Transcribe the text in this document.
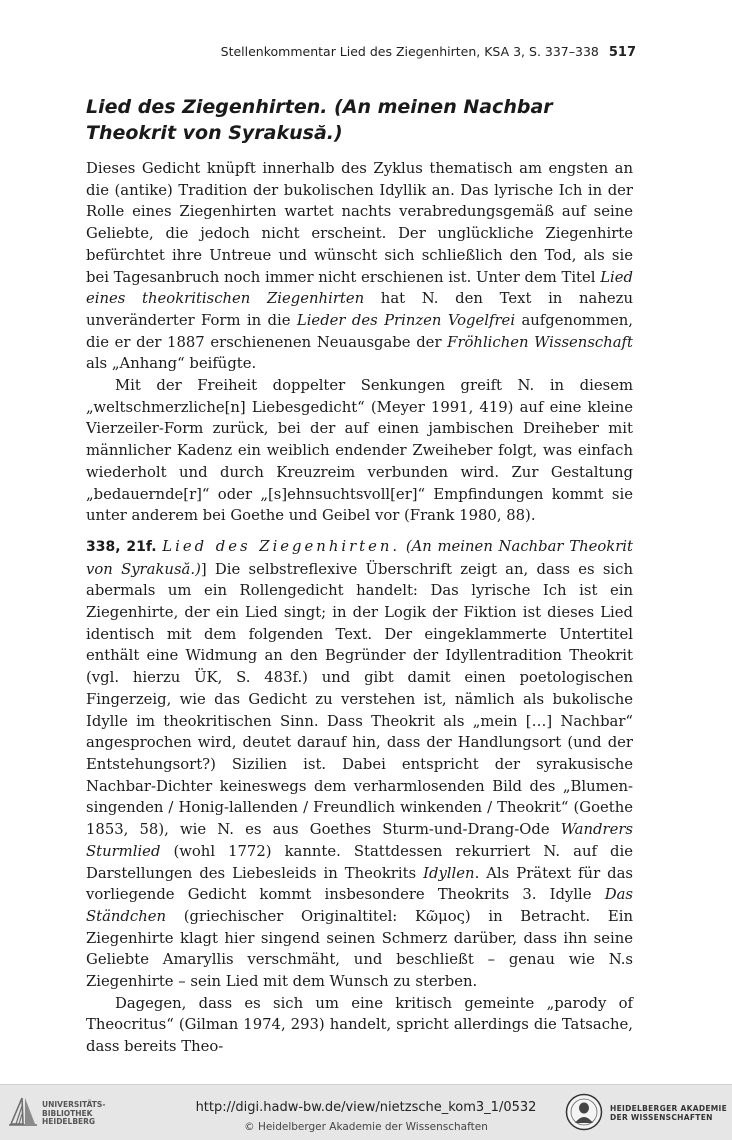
Stellenkommentar Lied des Ziegenhirten, KSA 3, S. 337–338 517
Lied des Ziegenhirten. (An meinen Nachbar Theokrit von Syrakusă.)

Dieses Gedicht knüpft innerhalb des Zyklus thematisch am engsten an die (antike) Tradition der bukolischen Idyllik an. Das lyrische Ich in der Rolle eines Ziegenhirten wartet nachts verabredungsgemäß auf seine Geliebte, die jedoch nicht erscheint. Der unglückliche Ziegenhirte befürchtet ihre Untreue und wünscht sich schließlich den Tod, als sie bei Tagesanbruch noch immer nicht erschienen ist. Unter dem Titel Lied eines theokritischen Ziegenhirten hat N. den Text in nahezu unveränderter Form in die Lieder des Prinzen Vogelfrei aufgenommen, die er der 1887 erschienenen Neuausgabe der Fröhlichen Wissenschaft als „Anhang“ beifügte.

Mit der Freiheit doppelter Senkungen greift N. in diesem „weltschmerzliche[n] Liebesgedicht“ (Meyer 1991, 419) auf eine kleine Vierzeiler-Form zurück, bei der auf einen jambischen Dreiheber mit männlicher Kadenz ein weiblich endender Zweiheber folgt, was einfach wiederholt und durch Kreuzreim verbunden wird. Zur Gestaltung „bedauernde[r]“ oder „[s]ehnsuchtsvoll[er]“ Empfindungen kommt sie unter anderem bei Goethe und Geibel vor (Frank 1980, 88).

338, 21f. Lied des Ziegenhirten. (An meinen Nachbar Theokrit von Syrakusă.)] Die selbstreflexive Überschrift zeigt an, dass es sich abermals um ein Rollengedicht handelt: Das lyrische Ich ist ein Ziegenhirte, der ein Lied singt; in der Logik der Fiktion ist dieses Lied identisch mit dem folgenden Text. Der eingeklammerte Untertitel enthält eine Widmung an den Begründer der Idyllentradition Theokrit (vgl. hierzu ÜK, S. 483f.) und gibt damit einen poetologischen Fingerzeig, wie das Gedicht zu verstehen ist, nämlich als bukolische Idylle im theokritischen Sinn. Dass Theokrit als „mein […] Nachbar“ angesprochen wird, deutet darauf hin, dass der Handlungsort (und der Entstehungsort?) Sizilien ist. Dabei entspricht der syrakusische Nachbar-Dichter keineswegs dem verharmlosenden Bild des „Blumen-singenden / Honig-lallenden / Freundlich winkenden / Theokrit“ (Goethe 1853, 58), wie N. es aus Goethes Sturm-und-Drang-Ode Wandrers Sturmlied (wohl 1772) kannte. Stattdessen rekurriert N. auf die Darstellungen des Liebesleids in Theokrits Idyllen. Als Prätext für das vorliegende Gedicht kommt insbesondere Theokrits 3. Idylle Das Ständchen (griechischer Originaltitel: Κῶμος) in Betracht. Ein Ziegenhirte klagt hier singend seinen Schmerz darüber, dass ihn seine Geliebte Amaryllis verschmäht, und beschließt – genau wie N.s Ziegenhirte – sein Lied mit dem Wunsch zu sterben.

Dagegen, dass es sich um eine kritisch gemeinte „parody of Theocritus“ (Gilman 1974, 293) handelt, spricht allerdings die Tatsache, dass bereits Theo-

UNIVERSITÄTS-
BIBLIOTHEK
HEIDELBERG
http://digi.hadw-bw.de/view/nietzsche_kom3_1/0532
© Heidelberger Akademie der Wissenschaften
HEIDELBERGER AKADEMIE
DER WISSENSCHAFTEN
